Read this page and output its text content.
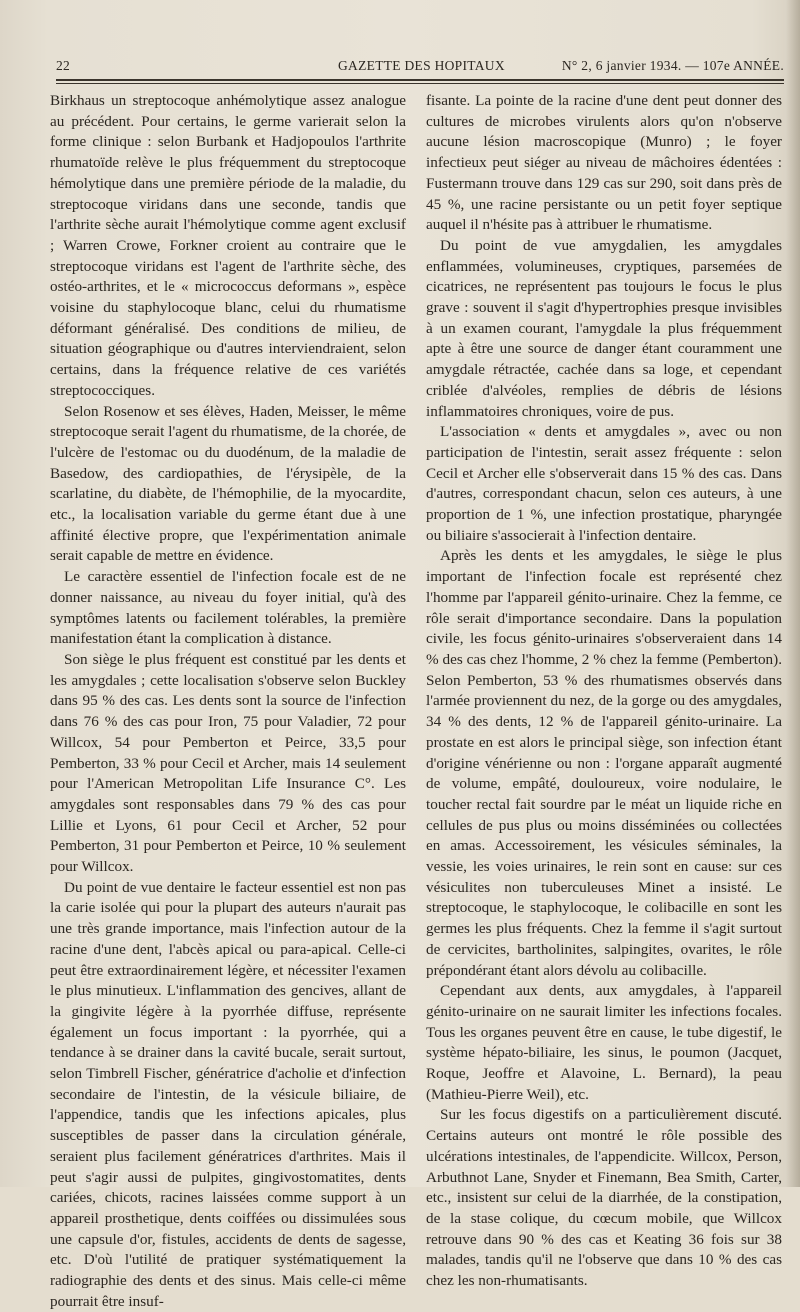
22	GAZETTE DES HOPITAUX	N° 2, 6 janvier 1934. — 107e ANNÉE.

Birkhaus un streptocoque anhémolytique assez analogue au précédent. Pour certains, le germe varierait selon la forme clinique : selon Burbank et Hadjopoulos l'arthrite rhumatoïde relève le plus fréquemment du streptocoque hémolytique dans une première période de la maladie, du streptocoque viridans dans une seconde, tandis que l'arthrite sèche aurait l'hémolytique comme agent exclusif ; Warren Crowe, Forkner croient au contraire que le streptocoque viridans est l'agent de l'arthrite sèche, des ostéo-arthrites, et le « micrococcus deformans », espèce voisine du staphylocoque blanc, celui du rhumatisme déformant généralisé. Des conditions de milieu, de situation géographique ou d'autres interviendraient, selon certains, dans la fréquence relative de ces variétés streptococciques.

Selon Rosenow et ses élèves, Haden, Meisser, le même streptocoque serait l'agent du rhumatisme, de la chorée, de l'ulcère de l'estomac ou du duodénum, de la maladie de Basedow, des cardiopathies, de l'érysipèle, de la scarlatine, du diabète, de l'hémophilie, de la myocardite, etc., la localisation variable du germe étant due à une affinité élective propre, que l'expérimentation animale serait capable de mettre en évidence.

Le caractère essentiel de l'infection focale est de ne donner naissance, au niveau du foyer initial, qu'à des symptômes latents ou facilement tolérables, la première manifestation étant la complication à distance.

Son siège le plus fréquent est constitué par les dents et les amygdales ; cette localisation s'observe selon Buckley dans 95 % des cas. Les dents sont la source de l'infection dans 76 % des cas pour Iron, 75 pour Valadier, 72 pour Willcox, 54 pour Pemberton et Peirce, 33,5 pour Pemberton, 33 % pour Cecil et Archer, mais 14 seulement pour l'American Metropolitan Life Insurance C°. Les amygdales sont responsables dans 79 % des cas pour Lillie et Lyons, 61 pour Cecil et Archer, 52 pour Pemberton, 31 pour Pemberton et Peirce, 10 % seulement pour Willcox.

Du point de vue dentaire le facteur essentiel est non pas la carie isolée qui pour la plupart des auteurs n'aurait pas une très grande importance, mais l'infection autour de la racine d'une dent, l'abcès apical ou para-apical. Celle-ci peut être extraordinairement légère, et nécessiter l'examen le plus minutieux. L'inflammation des gencives, allant de la gingivite légère à la pyorrhée diffuse, représente également un focus important : la pyorrhée, qui a tendance à se drainer dans la cavité bucale, serait surtout, selon Timbrell Fischer, génératrice d'acholie et d'infection secondaire de l'intestin, de la vésicule biliaire, de l'appendice, tandis que les infections apicales, plus susceptibles de passer dans la circulation générale, seraient plus facilement génératrices d'arthrites. Mais il peut s'agir aussi de pulpites, gingivostomatites, dents cariées, chicots, racines laissées comme support à un appareil prosthetique, dents coiffées ou dissimulées sous une capsule d'or, fistules, accidents de dents de sagesse, etc. D'où l'utilité de pratiquer systématiquement la radiographie des dents et des sinus. Mais celle-ci même pourrait être insuf-

fisante. La pointe de la racine d'une dent peut donner des cultures de microbes virulents alors qu'on n'observe aucune lésion macroscopique (Munro) ; le foyer infectieux peut siéger au niveau de mâchoires édentées : Fustermann trouve dans 129 cas sur 290, soit dans près de 45 %, une racine persistante ou un petit foyer septique auquel il n'hésite pas à attribuer le rhumatisme.

Du point de vue amygdalien, les amygdales enflammées, volumineuses, cryptiques, parsemées de cicatrices, ne représentent pas toujours le focus le plus grave : souvent il s'agit d'hypertrophies presque invisibles à un examen courant, l'amygdale la plus fréquemment apte à être une source de danger étant couramment une amygdale rétractée, cachée dans sa loge, et cependant criblée d'alvéoles, remplies de débris de lésions inflammatoires chroniques, voire de pus.

L'association « dents et amygdales », avec ou non participation de l'intestin, serait assez fréquente : selon Cecil et Archer elle s'observerait dans 15 % des cas. Dans d'autres, correspondant chacun, selon ces auteurs, à une proportion de 1 %, une infection prostatique, pharyngée ou biliaire s'associerait à l'infection dentaire.

Après les dents et les amygdales, le siège le plus important de l'infection focale est représenté chez l'homme par l'appareil génito-urinaire. Chez la femme, ce rôle serait d'importance secondaire. Dans la population civile, les focus génito-urinaires s'observeraient dans 14 % des cas chez l'homme, 2 % chez la femme (Pemberton). Selon Pemberton, 53 % des rhumatismes observés dans l'armée proviennent du nez, de la gorge ou des amygdales, 34 % des dents, 12 % de l'appareil génito-urinaire. La prostate en est alors le principal siège, son infection étant d'origine vénérienne ou non : l'organe apparaît augmenté de volume, empâté, douloureux, voire nodulaire, le toucher rectal fait sourdre par le méat un liquide riche en cellules de pus plus ou moins disséminées ou collectées en amas. Accessoirement, les vésicules séminales, la vessie, les voies urinaires, le rein sont en cause: sur ces vésiculites non tuberculeuses Minet a insisté. Le streptocoque, le staphylocoque, le colibacille en sont les germes les plus fréquents. Chez la femme il s'agit surtout de cervicites, bartholinites, salpingites, ovarites, le rôle prépondérant étant alors dévolu au colibacille.

Cependant aux dents, aux amygdales, à l'appareil génito-urinaire on ne saurait limiter les infections focales. Tous les organes peuvent être en cause, le tube digestif, le système hépato-biliaire, les sinus, le poumon (Jacquet, Roque, Jeoffre et Alavoine, L. Bernard), la peau (Mathieu-Pierre Weil), etc.

Sur les focus digestifs on a particulièrement discuté. Certains auteurs ont montré le rôle possible des ulcérations intestinales, de l'appendicite. Willcox, Person, Arbuthnot Lane, Snyder et Finemann, Bea Smith, Carter, etc., insistent sur celui de la diarrhée, de la constipation, de la stase colique, du cœcum mobile, que Willcox retrouve dans 90 % des cas et Keating 36 fois sur 38 malades, tandis qu'il ne l'observe que dans 10 % des cas chez les non-rhumatisants.
